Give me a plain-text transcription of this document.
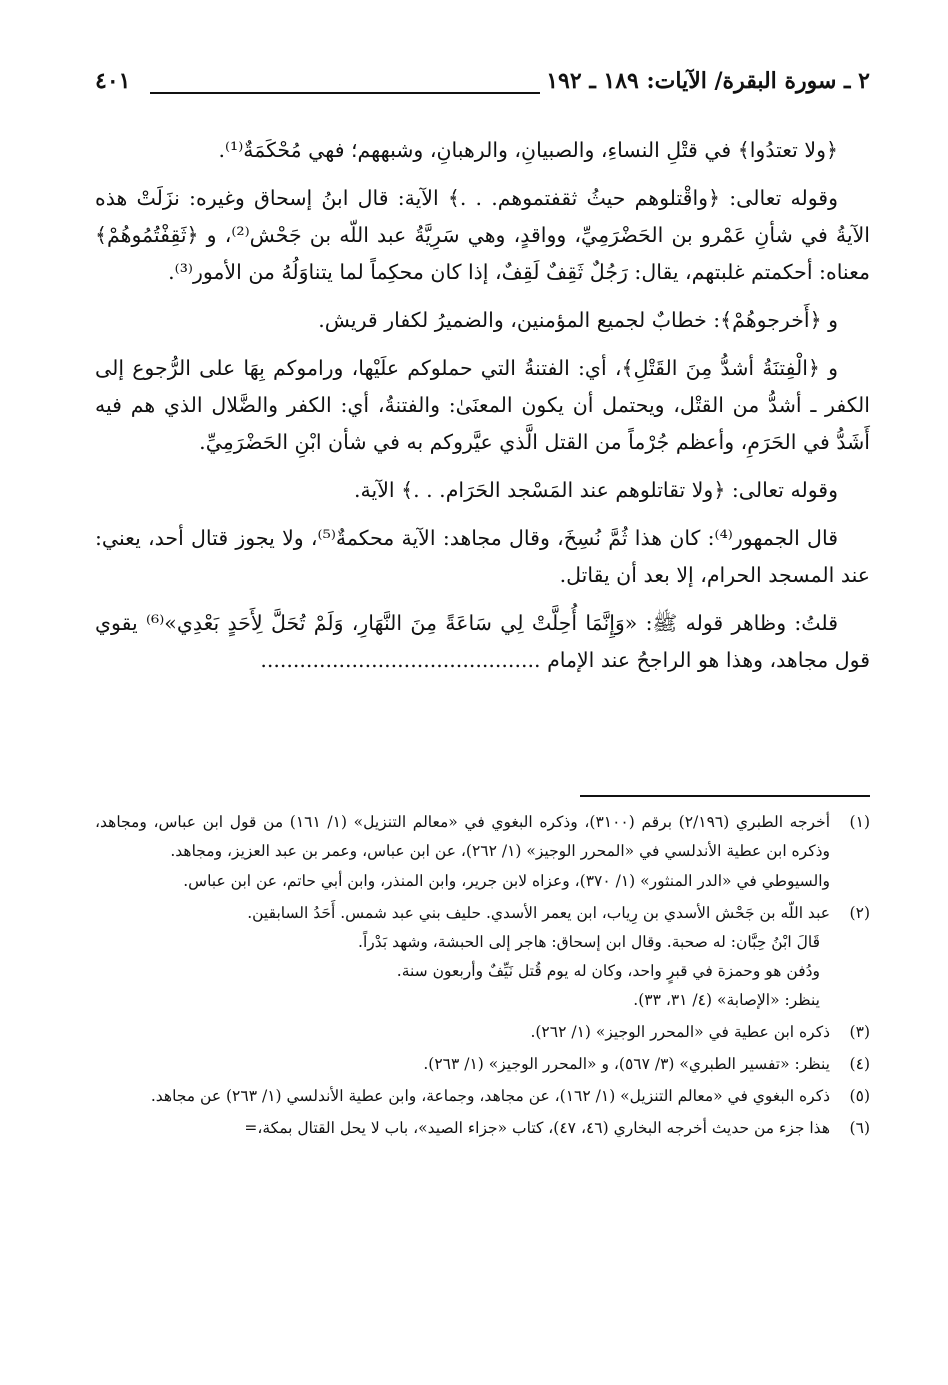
٢ ـ سورة البقرة/ الآيات: ١٨٩ ـ ١٩٢
٤٠١

﴿ولا تعتدُوا﴾ في قتْلِ النساءِ، والصبيانِ، والرهبانِ، وشبههم؛ فهي مُحْكَمَةٌ⁽¹⁾.

وقوله تعالى: ﴿واقْتلوهم حيثُ ثقفتموهم. . .﴾ الآية: قال ابنُ إسحاق وغيره: نزَلَتْ هذه الآيةُ في شأنِ عَمْرو بن الحَضْرَمِيِّ، وواقدٍ، وهي سَرِيَّةُ عبد اللّه بن جَحْش⁽²⁾، و ﴿ثَقِفْتُمُوهُمْ﴾ معناه: أحكمتم غلبتهم، يقال: رَجُلٌ ثَقِفٌ لَقِفٌ، إذا كان محكِماً لما يتناوَلُهُ من الأمور⁽³⁾.

و ﴿أَخرجوهُمْ﴾: خطابٌ لجميع المؤمنين، والضميرُ لكفار قريش.

و ﴿الْفِتنَةُ أشدُّ مِنَ القَتْلِ﴾، أي: الفتنةُ التي حملوكم علَيْها، وراموكم بِهَا على الرُّجوع إلى الكفر ـ أشدُّ من القتْل، ويحتمل أن يكون المعنَىٰ: والفتنةُ، أي: الكفر والضَّلال الذي هم فيه أَشَدُّ في الحَرَمِ، وأعظم جُرْماً من القتل الَّذي عيَّروكم به في شأن ابْنِ الحَضْرَمِيِّ.

وقوله تعالى: ﴿ولا تقاتلوهم عند المَسْجد الحَرَام. . .﴾ الآية.

قال الجمهور⁽⁴⁾: كان هذا ثُمَّ نُسِخَ، وقال مجاهد: الآية محكمةٌ⁽⁵⁾، ولا يجوز قتال أحد، يعني: عند المسجد الحرام، إلا بعد أن يقاتل.

قلتُ: وظاهر قوله ﷺ: «وَإِنَّمَا أُحِلَّتْ لِي سَاعَةً مِنَ النَّهَارِ، وَلَمْ تُحَلَّ لِأَحَدٍ بَعْدِي»⁽⁶⁾ يقوي قول مجاهد، وهذا هو الراجحُ عند الإمام ...........................................

(١)

أخرجه الطبري (٢/١٩٦) برقم (٣١٠٠)، وذكره البغوي في «معالم التنزيل» (١/ ١٦١) من قول ابن عباس، ومجاهد، وذكره ابن عطية الأندلسي في «المحرر الوجيز» (١/ ٢٦٢)، عن ابن عباس، وعمر بن عبد العزيز، ومجاهد.

والسيوطي في «الدر المنثور» (١/ ٣٧٠)، وعزاه لابن جرير، وابن المنذر، وابن أبي حاتم، عن ابن عباس.

(٢)

عبد اللّه بن جَحْش الأسدي بن رِياب، ابن يعمر الأسدي. حليف بني عبد شمس. أَحَدُ السابقين.

قَالَ ابْنُ حِبَّان: له صحبة. وقال ابن إسحاق: هاجر إلى الحبشة، وشهد بَدْراً.

ودُفن هو وحمزة في قبرٍ واحد، وكان له يوم قُتل نَيِّفٌ وأربعون سنة.

ينظر: «الإصابة» (٤/ ٣١، ٣٣).

(٣)

ذكره ابن عطية في «المحرر الوجيز» (١/ ٢٦٢).

(٤)

ينظر: «تفسير الطبري» (٣/ ٥٦٧)، و «المحرر الوجيز» (١/ ٢٦٣).

(٥)

ذكره البغوي في «معالم التنزيل» (١/ ١٦٢)، عن مجاهد، وجماعة، وابن عطية الأندلسي (١/ ٢٦٣) عن مجاهد.

(٦)

هذا جزء من حديث أخرجه البخاري (٤٦، ٤٧)، كتاب «جزاء الصيد»، باب لا يحل القتال بمكة،=
